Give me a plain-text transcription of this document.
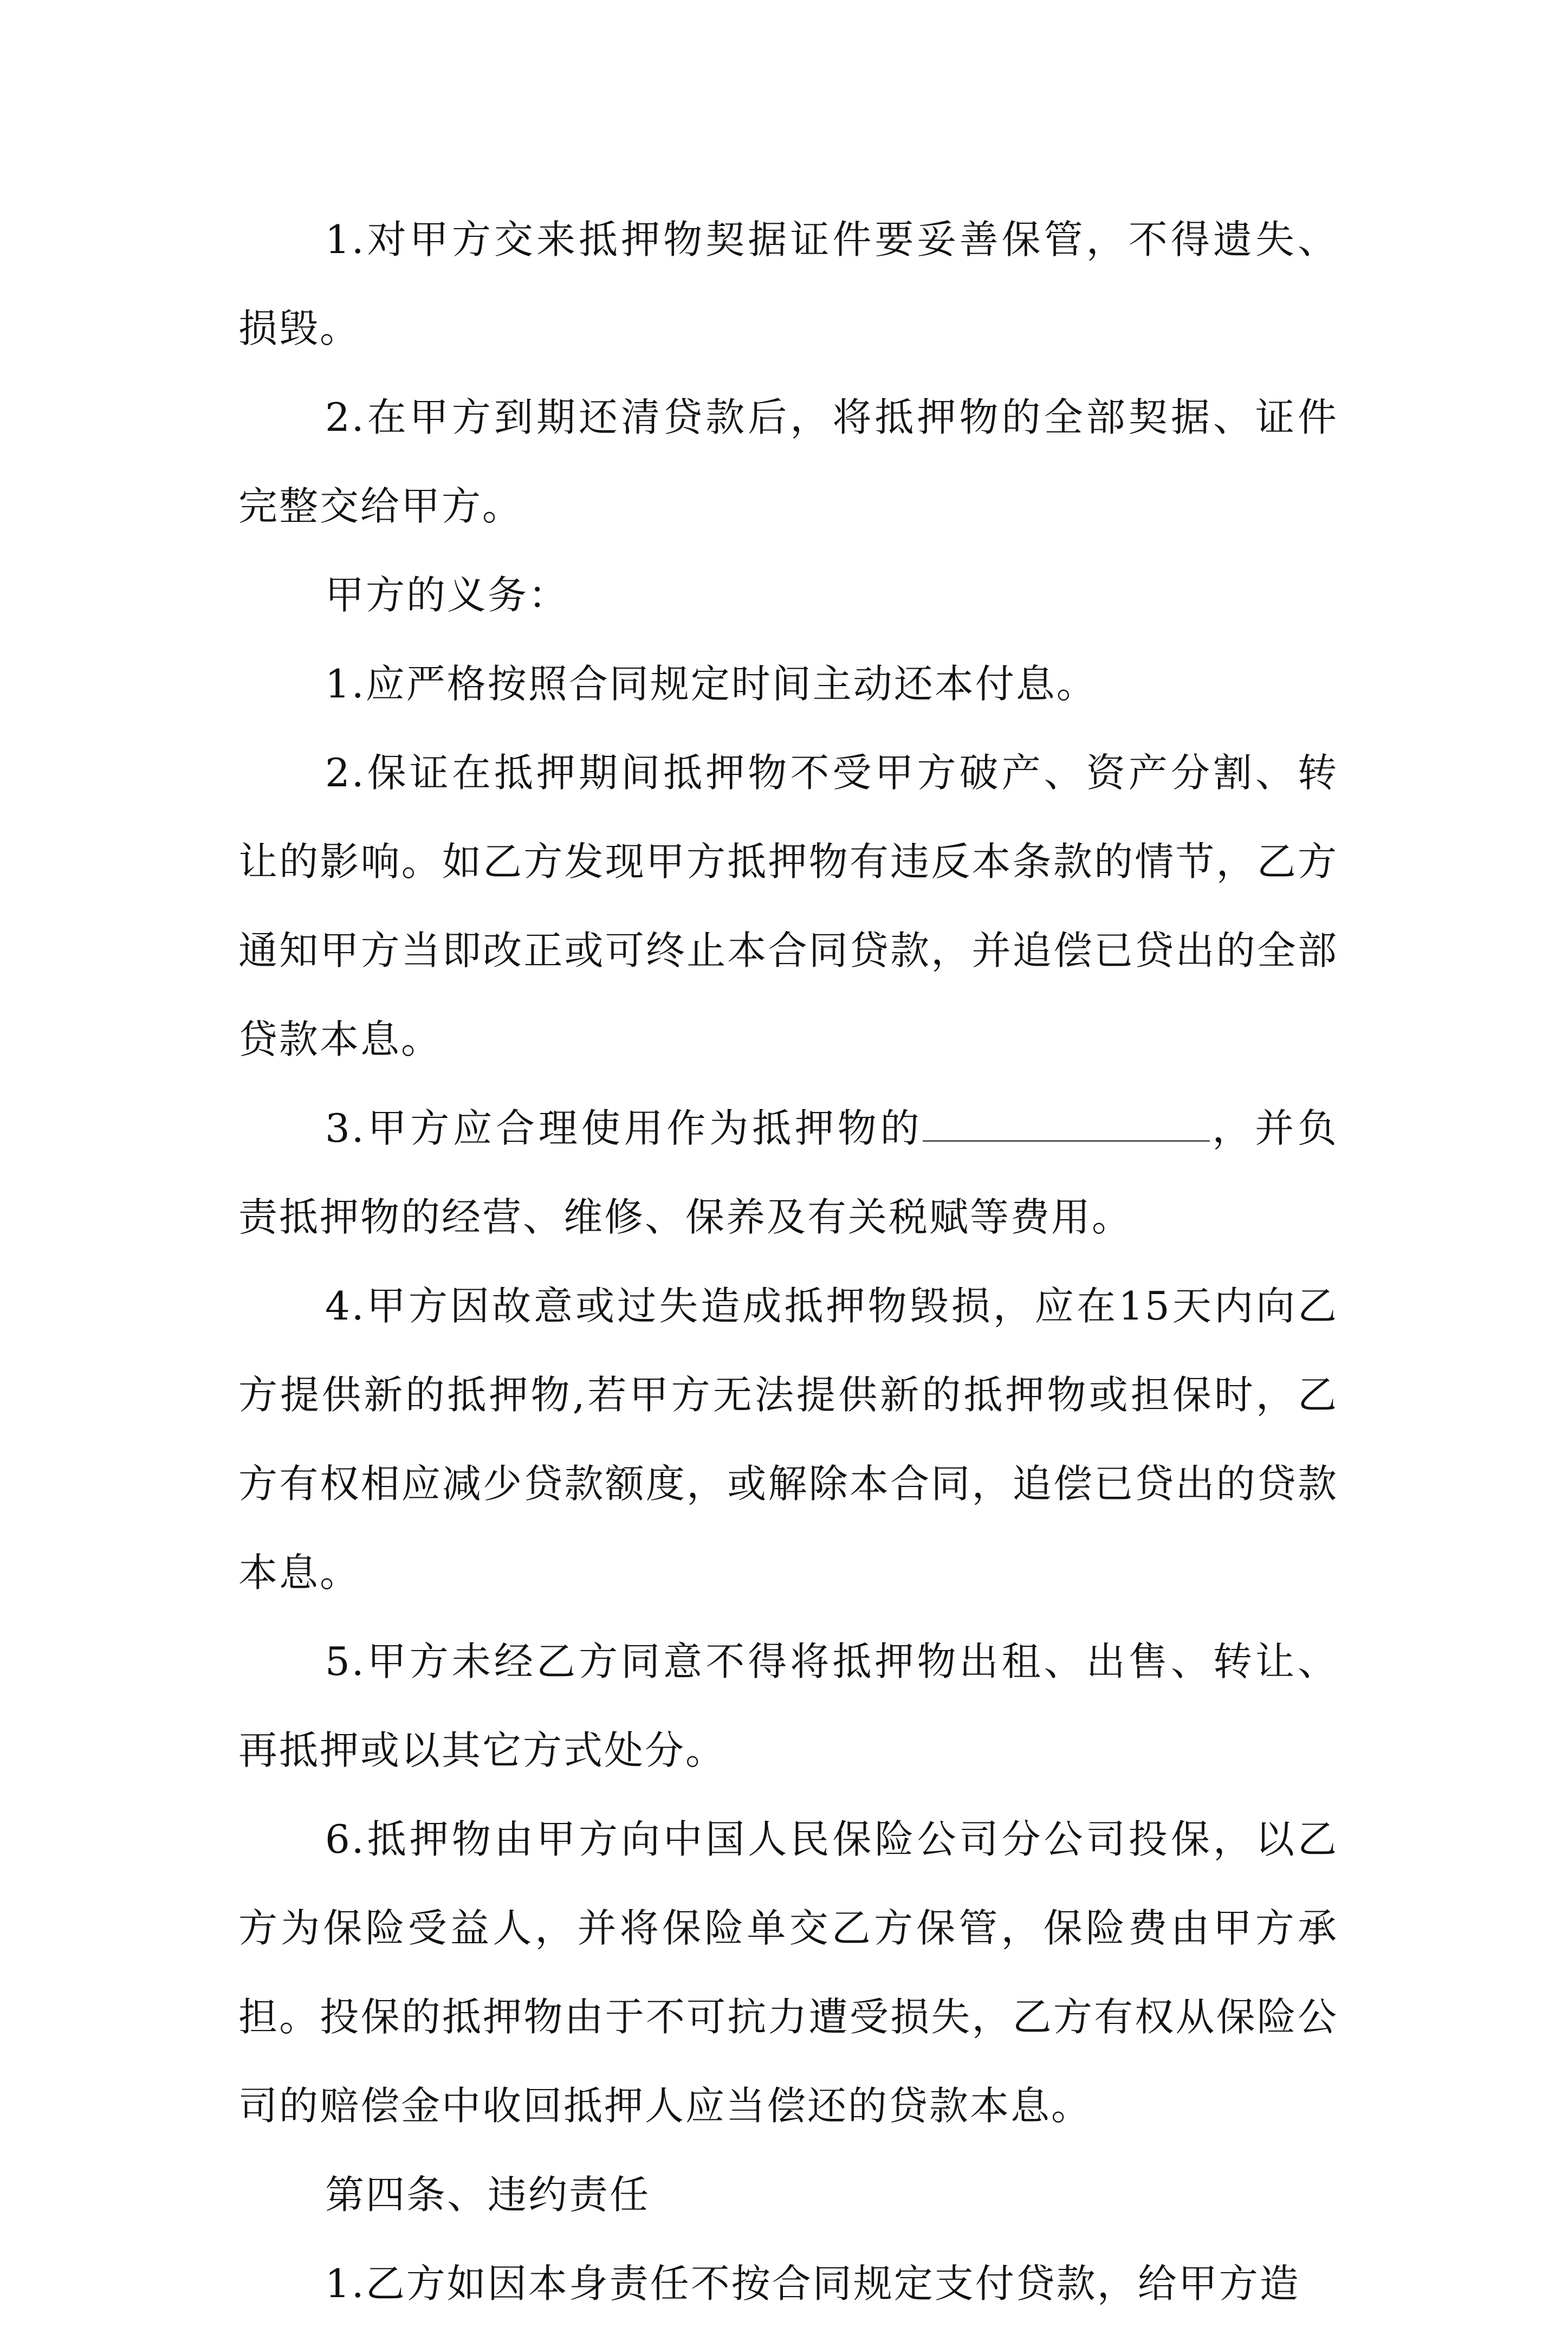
1.对甲方交来抵押物契据证件要妥善保管，不得遗失、损毁。

2.在甲方到期还清贷款后，将抵押物的全部契据、证件完整交给甲方。

甲方的义务：

1.应严格按照合同规定时间主动还本付息。

2.保证在抵押期间抵押物不受甲方破产、资产分割、转让的影响。如乙方发现甲方抵押物有违反本条款的情节，乙方通知甲方当即改正或可终止本合同贷款，并追偿已贷出的全部贷款本息。

3.甲方应合理使用作为抵押物的	，并负责抵押物的经营、维修、保养及有关税赋等费用。

4.甲方因故意或过失造成抵押物毁损，应在15天内向乙方提供新的抵押物,若甲方无法提供新的抵押物或担保时，乙方有权相应减少贷款额度，或解除本合同，追偿已贷出的贷款本息。

5.甲方未经乙方同意不得将抵押物出租、出售、转让、再抵押或以其它方式处分。

6.抵押物由甲方向中国人民保险公司分公司投保，以乙方为保险受益人，并将保险单交乙方保管，保险费由甲方承担。投保的抵押物由于不可抗力遭受损失，乙方有权从保险公司的赔偿金中收回抵押人应当偿还的贷款本息。

第四条、违约责任

1.乙方如因本身责任不按合同规定支付贷款，给甲方造
